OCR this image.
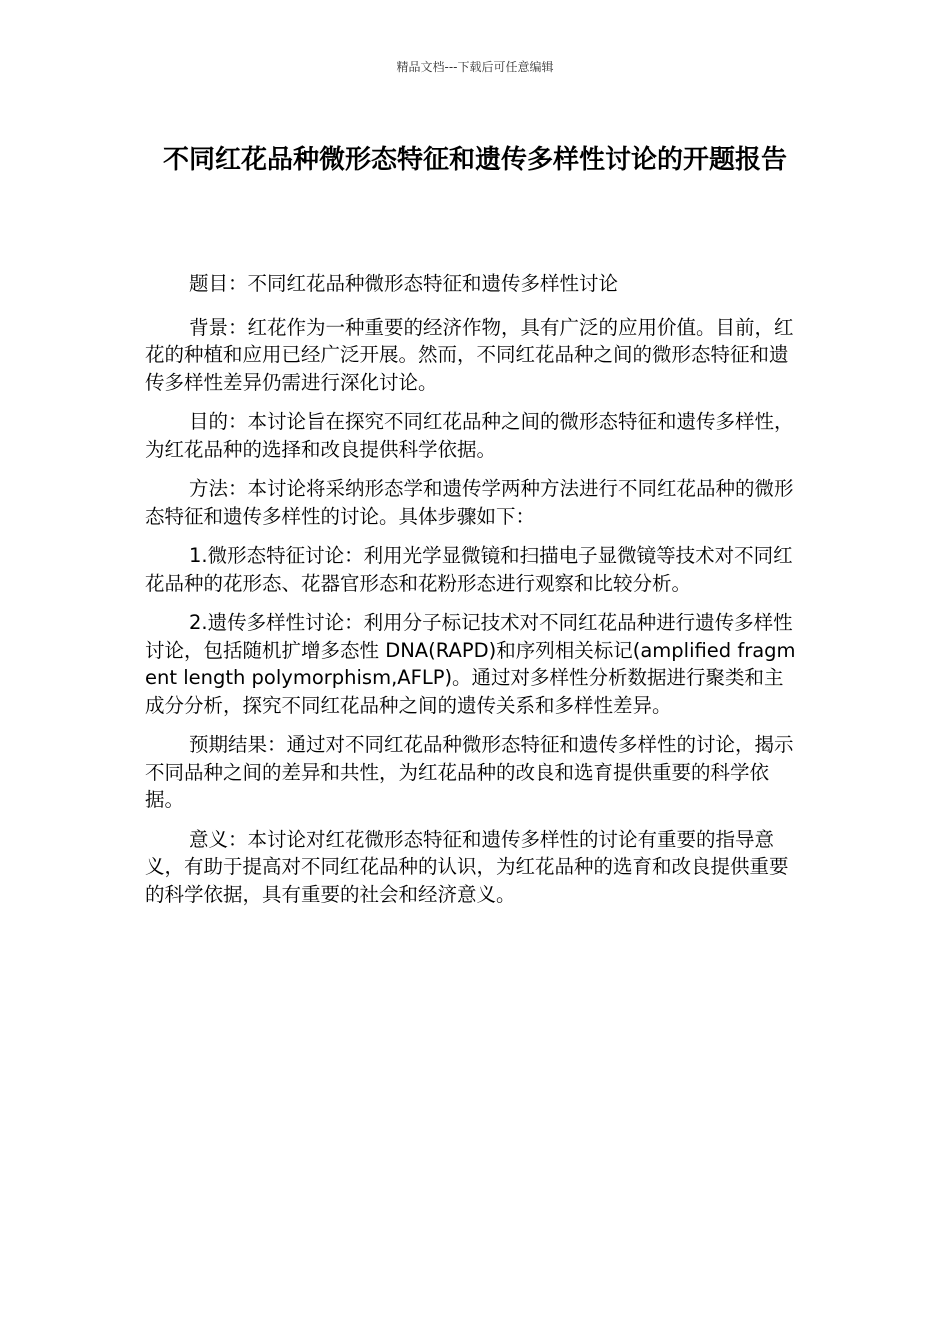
精品文档---下载后可任意编辑
不同红花品种微形态特征和遗传多样性讨论的开题报告

题目：不同红花品种微形态特征和遗传多样性讨论

背景：红花作为一种重要的经济作物，具有广泛的应用价值。目前，红花的种植和应用已经广泛开展。然而，不同红花品种之间的微形态特征和遗传多样性差异仍需进行深化讨论。

目的：本讨论旨在探究不同红花品种之间的微形态特征和遗传多样性，为红花品种的选择和改良提供科学依据。

方法：本讨论将采纳形态学和遗传学两种方法进行不同红花品种的微形态特征和遗传多样性的讨论。具体步骤如下：

1.微形态特征讨论：利用光学显微镜和扫描电子显微镜等技术对不同红花品种的花形态、花器官形态和花粉形态进行观察和比较分析。

2.遗传多样性讨论：利用分子标记技术对不同红花品种进行遗传多样性讨论，包括随机扩增多态性 DNA(RAPD)和序列相关标记(amplified fragment length polymorphism,AFLP)。通过对多样性分析数据进行聚类和主成分分析，探究不同红花品种之间的遗传关系和多样性差异。

预期结果：通过对不同红花品种微形态特征和遗传多样性的讨论，揭示不同品种之间的差异和共性，为红花品种的改良和选育提供重要的科学依据。

意义：本讨论对红花微形态特征和遗传多样性的讨论有重要的指导意义，有助于提高对不同红花品种的认识，为红花品种的选育和改良提供重要的科学依据，具有重要的社会和经济意义。
